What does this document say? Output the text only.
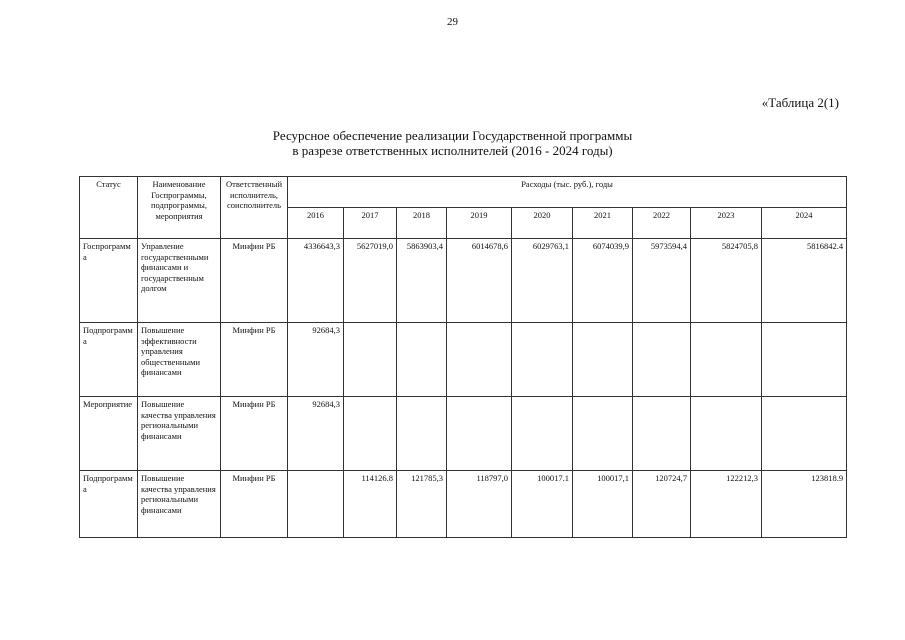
29
«Таблица 2(1)
Ресурсное обеспечение реализации Государственной программы
в разрезе ответственных исполнителей (2016 - 2024 годы)
Статус	Наименование Госпрограммы, подпрограммы, мероприятия	Ответственный исполнитель, соисполнитель	Расходы (тыс. руб.), годы								
			2016	2017	2018	2019	2020	2021	2022	2023	2024
Госпрограмма	Управление государственными финансами и государственным долгом	Минфин РБ	4336643,3	5627019,0	5863903,4	6014678,6	6029763,1	6074039,9	5973594,4	5824705,8	5816842.4
Подпрограмма	Повышение эффективности управления общественными финансами	Минфин РБ	92684,3								
Мероприятие	Повышение качества управления региональными финансами	Минфин РБ	92684,3								
Подпрограмма	Повышение качества управления региональными финансами	Минфин РБ		114126.8	121785,3	118797,0	100017.1	100017,1	120724,7	122212,3	123818.9
